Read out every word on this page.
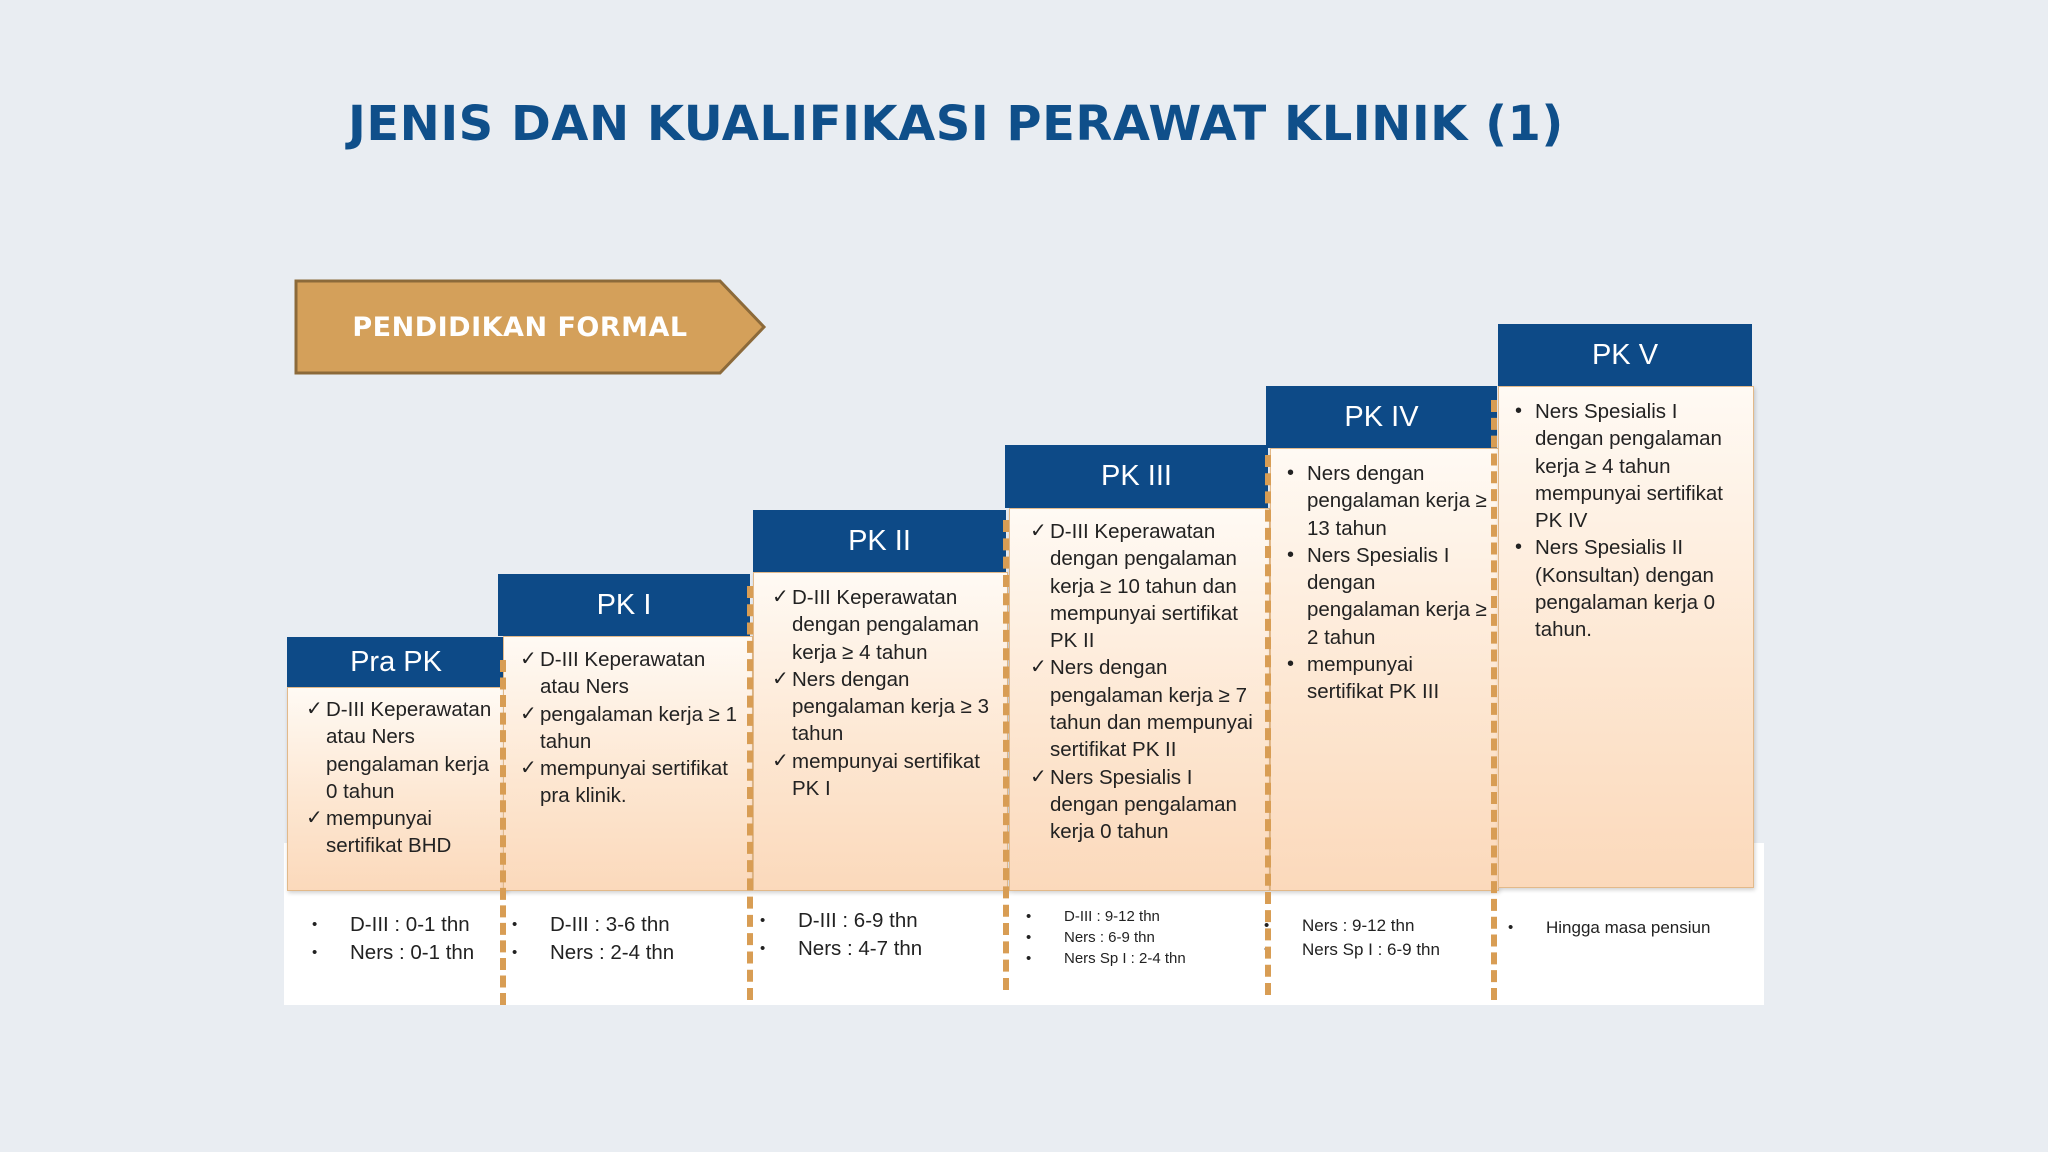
JENIS DAN KUALIFIKASI PERAWAT KLINIK (1)
PENDIDIKAN FORMAL
Pra PK
✓ D-III Keperawatan atau Ners pengalaman kerja 0 tahun
✓ mempunyai sertifikat BHD
• D-III : 0-1 thn
• Ners : 0-1 thn
PK I
✓ D-III Keperawatan atau Ners
✓ pengalaman kerja ≥ 1 tahun
✓ mempunyai sertifikat pra klinik.
• D-III : 3-6 thn
• Ners : 2-4 thn
PK II
✓ D-III Keperawatan dengan pengalaman kerja ≥ 4 tahun
✓ Ners dengan pengalaman kerja ≥ 3 tahun
✓ mempunyai sertifikat PK I
• D-III : 6-9 thn
• Ners : 4-7 thn
PK III
✓ D-III Keperawatan dengan pengalaman kerja ≥ 10 tahun dan mempunyai sertifikat PK II
✓ Ners dengan pengalaman kerja ≥ 7 tahun dan mempunyai sertifikat PK II
✓ Ners Spesialis I dengan pengalaman kerja 0 tahun
• D-III : 9-12 thn
• Ners : 6-9 thn
• Ners Sp I : 2-4 thn
PK IV
• Ners dengan pengalaman kerja ≥ 13 tahun
• Ners Spesialis I dengan pengalaman kerja ≥ 2 tahun
• mempunyai sertifikat PK III
• Ners : 9-12 thn
• Ners Sp I : 6-9 thn
PK V
• Ners Spesialis I dengan pengalaman kerja ≥ 4 tahun mempunyai sertifikat PK IV
• Ners Spesialis II (Konsultan) dengan pengalaman kerja 0 tahun.
• Hingga masa pensiun
